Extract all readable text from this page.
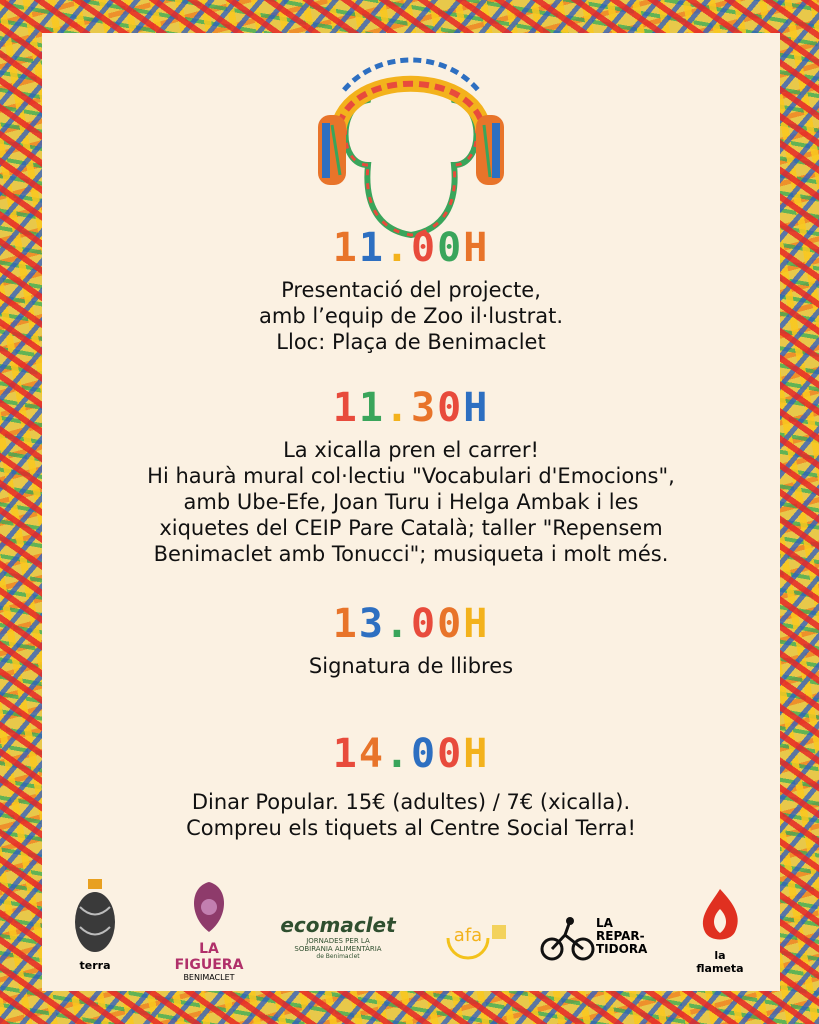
11.00H
Presentació del projecte,
amb l’equip de Zoo il·lustrat.
Lloc: Plaça de Benimaclet
11.30H
La xicalla pren el carrer!
Hi haurà mural col·lectiu "Vocabulari d'Emocions",
amb Ube-Efe, Joan Turu i Helga Ambak i les
xiquetes del CEIP Pare Català; taller "Repensem
Benimaclet amb Tonucci"; musiqueta i molt més.
13.00H
Signatura de llibres
14.00H
Dinar Popular. 15€ (adultes) / 7€ (xicalla).
Compreu els tiquets al Centre Social Terra!
terra
LA FIGUERA
BENIMACLET
ecomaclet
JORNADES PER LA
SOBIRANIA ALIMENTÀRIA
de Benimaclet
afa
LA
REPAR-
TIDORA	la flameta
